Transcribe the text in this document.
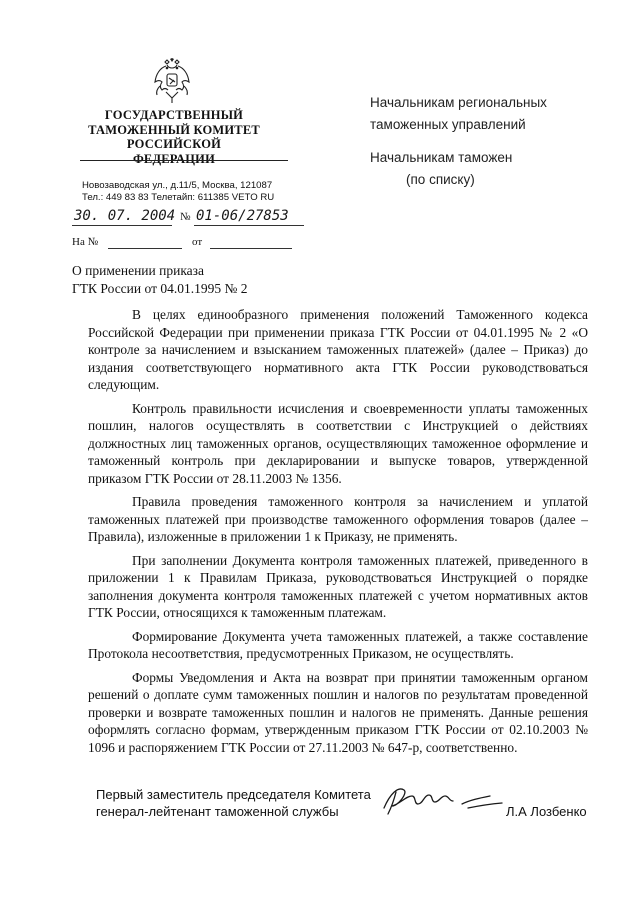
ГОСУДАРСТВЕННЫЙ
ТАМОЖЕННЫЙ КОМИТЕТ
РОССИЙСКОЙ ФЕДЕРАЦИИ
Новозаводская ул., д.11/5, Москва, 121087
Тел.: 449 83 83 Телетайп: 611385 VETO RU
30. 07. 2004 № 01-06/27853
На №	от
Начальникам региональных
таможенных управлений
Начальникам таможен
(по списку)
О применении приказа
ГТК России от 04.01.1995 № 2

В целях единообразного применения положений Таможенного кодекса Российской Федерации при применении приказа ГТК России от 04.01.1995 № 2 «О контроле за начислением и взысканием таможенных платежей» (далее – Приказ) до издания соответствующего нормативного акта ГТК России руководствоваться следующим.

Контроль правильности исчисления и своевременности уплаты таможенных пошлин, налогов осуществлять в соответствии с Инструкцией о действиях должностных лиц таможенных органов, осуществляющих таможенное оформление и таможенный контроль при декларировании и выпуске товаров, утвержденной приказом ГТК России от 28.11.2003 № 1356.

Правила проведения таможенного контроля за начислением и уплатой таможенных платежей при производстве таможенного оформления товаров (далее – Правила), изложенные в приложении 1 к Приказу, не применять.

При заполнении Документа контроля таможенных платежей, приведенного в приложении 1 к Правилам Приказа, руководствоваться Инструкцией о порядке заполнения документа контроля таможенных платежей с учетом нормативных актов ГТК России, относящихся к таможенным платежам.

Формирование Документа учета таможенных платежей, а также составление Протокола несоответствия, предусмотренных Приказом, не осуществлять.

Формы Уведомления и Акта на возврат при принятии таможенным органом решений о доплате сумм таможенных пошлин и налогов по результатам проведенной проверки и возврате таможенных пошлин и налогов не применять. Данные решения оформлять согласно формам, утвержденным приказом ГТК России от 02.10.2003 № 1096 и распоряжением ГТК России от 27.11.2003 № 647-р, соответственно.

Первый заместитель председателя Комитета
генерал-лейтенант таможенной службы	Л.А Лозбенко
